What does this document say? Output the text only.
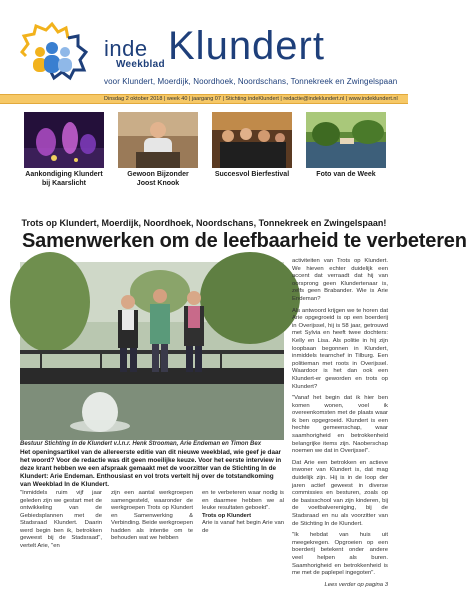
inde
Weekblad Klundert
voor Klundert, Moerdijk, Noordhoek, Noordschans, Tonnekreek en Zwingelspaan
Dinsdag 2 oktober 2018 | week 40 | jaargang 07 | Stichting indeKlundert | redactie@indeklundert.nl | www.indeklundert.nl
Aankondiging Klundert bij Kaarslicht
Gewoon Bijzonder Joost Knook
Succesvol Bierfestival	Foto van de Week
Trots op Klundert, Moerdijk, Noordhoek, Noordschans, Tonnekreek en Zwingelspaan!
Samenwerken om de leefbaarheid te verbeteren
Bestuur Stichting In de Klundert v.l.n.r. Henk Strooman, Arie Endeman en Timon Bex

activiteiten van Trots op Klundert. We hieven echter duidelijk een accent dat verraadt dat hij van oorsprong geen Klundertenaar is, zelfs geen Brabander. Wie is Arie Endeman?

Als antwoord krijgen we te horen dat Arie opgegroeid is op een boerderij in Overijssel, hij is 58 jaar, getrouwd met Sylvia en heeft twee dochters: Kelly en Lisa. Als politie in hij zijn loopbaan begonnen in Klundert, inmiddels tearnchef in Tilburg. Een politieman met roots in Overijssel. Waardoor is het dan ook een Klundert-er geworden en trots op Klundert?

"Vanaf het begin dat ik hier ben komen wonen, voel ik overeenkomsten met de plaats waar ik ben opgegroeid. Klundert is een hechte gemeenschap, waar saamhorigheid en betrokkenheid belangrijke items zijn. Naoberschap noemen we dat in Overijssel".

Dat Arie een betrokken en actieve inwoner van Klundert is, dat mag duidelijk zijn. Hij is in de loop der jaren actief geweest in diverse commissies en besturen, zoals op de basisschool van zijn kinderen, bij de voetbalvereniging, bij de Stadsraad en nu als voorzitter van de Stichting In de Klundert.

"Ik hebdat van huis uit meegekregen. Opgroeien op een boerderij betekent onder andere veel helpen als buren. Saamhorigheid en betrokkenheid is me met de paplepel ingegoten".

Lees verder op pagina 3
Het openingsartikel van de allereerste editie van dit nieuwe weekblad, wie geef je daar het woord? Voor de redactie was dit geen moeilijke keuze. Voor het eerste interview in deze krant hebben we een afspraak gemaakt met de voorzitter van de Stichting In de Klundert: Arie Endeman. Enthousiast en vol trots vertelt hij over de totstandkoming van Weekblad In de Klundert.
"Inmiddels ruim vijf jaar geleden zijn we gestart met de ontwikkeling van de Gebiedsplannen met de Stadsraad Klundert. Daarin werd begin ben ik, betrokken geweest bij de Stadsraad", vertelt Arie, "en
zijn een aantal werkgroepen samengesteld, waaronder de werkgroepen Trots op Klundert en Samenwerking & Verbinding. Beide werkgroepen hadden als intentie om te behouden wat we hebben
en te verbeteren waar nodig is en daarmee hebben we al leuke resultaten geboekt".
Trots op Klundert
Arie is vanaf het begin Arie van de
